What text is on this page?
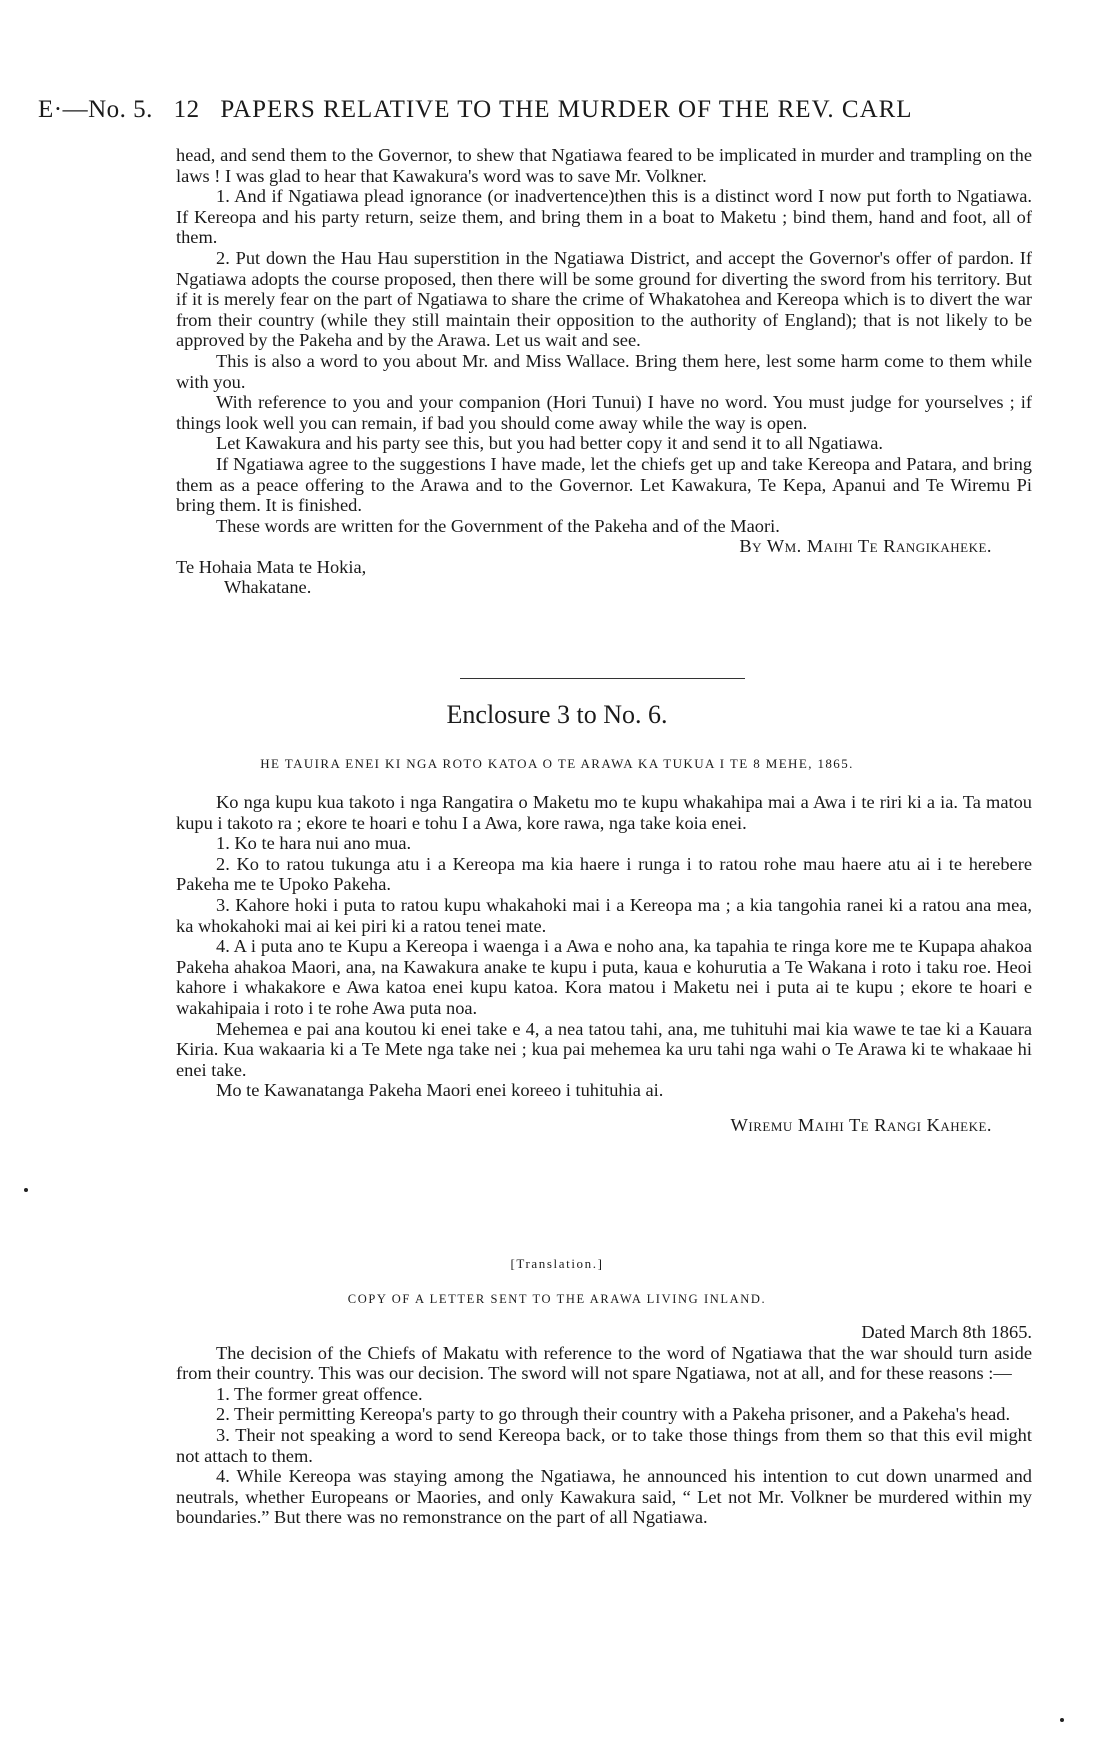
E·—No. 5. 12 PAPERS RELATIVE TO THE MURDER OF THE REV. CARL

head, and send them to the Governor, to shew that Ngatiawa feared to be implicated in murder and trampling on the laws ! I was glad to hear that Kawakura's word was to save Mr. Volkner.

1. And if Ngatiawa plead ignorance (or inadvertence)then this is a distinct word I now put forth to Ngatiawa. If Kereopa and his party return, seize them, and bring them in a boat to Maketu ; bind them, hand and foot, all of them.

2. Put down the Hau Hau superstition in the Ngatiawa District, and accept the Governor's offer of pardon. If Ngatiawa adopts the course proposed, then there will be some ground for diverting the sword from his territory. But if it is merely fear on the part of Ngatiawa to share the crime of Whakatohea and Kereopa which is to divert the war from their country (while they still maintain their opposition to the authority of England); that is not likely to be approved by the Pakeha and by the Arawa. Let us wait and see.

This is also a word to you about Mr. and Miss Wallace. Bring them here, lest some harm come to them while with you.

With reference to you and your companion (Hori Tunui) I have no word. You must judge for yourselves ; if things look well you can remain, if bad you should come away while the way is open.

Let Kawakura and his party see this, but you had better copy it and send it to all Ngatiawa.

If Ngatiawa agree to the suggestions I have made, let the chiefs get up and take Kereopa and Patara, and bring them as a peace offering to the Arawa and to the Governor. Let Kawakura, Te Kepa, Apanui and Te Wiremu Pi bring them. It is finished.

These words are written for the Government of the Pakeha and of the Maori.

By Wm. Maihi Te Rangikaheke.

Te Hohaia Mata te Hokia,

Whakatane.

Enclosure 3 to No. 6.
HE TAUIRA ENEI KI NGA ROTO KATOA O TE ARAWA KA TUKUA I TE 8 MEHE, 1865.

Ko nga kupu kua takoto i nga Rangatira o Maketu mo te kupu whakahipa mai a Awa i te riri ki a ia. Ta matou kupu i takoto ra ; ekore te hoari e tohu I a Awa, kore rawa, nga take koia enei.

1. Ko te hara nui ano mua.

2. Ko to ratou tukunga atu i a Kereopa ma kia haere i runga i to ratou rohe mau haere atu ai i te herebere Pakeha me te Upoko Pakeha.

3. Kahore hoki i puta to ratou kupu whakahoki mai i a Kereopa ma ; a kia tangohia ranei ki a ratou ana mea, ka whokahoki mai ai kei piri ki a ratou tenei mate.

4. A i puta ano te Kupu a Kereopa i waenga i a Awa e noho ana, ka tapahia te ringa kore me te Kupapa ahakoa Pakeha ahakoa Maori, ana, na Kawakura anake te kupu i puta, kaua e kohurutia a Te Wakana i roto i taku roe. Heoi kahore i whakakore e Awa katoa enei kupu katoa. Kora matou i Maketu nei i puta ai te kupu ; ekore te hoari e wakahipaia i roto i te rohe Awa puta noa.

Mehemea e pai ana koutou ki enei take e 4, a nea tatou tahi, ana, me tuhituhi mai kia wawe te tae ki a Kauara Kiria. Kua wakaaria ki a Te Mete nga take nei ; kua pai mehemea ka uru tahi nga wahi o Te Arawa ki te whakaae hi enei take.

Mo te Kawanatanga Pakeha Maori enei koreeo i tuhituhia ai.

Wiremu Maihi Te Rangi Kaheke.

[Translation.]
COPY OF A LETTER SENT TO THE ARAWA LIVING INLAND.

Dated March 8th 1865.

The decision of the Chiefs of Makatu with reference to the word of Ngatiawa that the war should turn aside from their country. This was our decision. The sword will not spare Ngatiawa, not at all, and for these reasons :—

1. The former great offence.

2. Their permitting Kereopa's party to go through their country with a Pakeha prisoner, and a Pakeha's head.

3. Their not speaking a word to send Kereopa back, or to take those things from them so that this evil might not attach to them.

4. While Kereopa was staying among the Ngatiawa, he announced his intention to cut down unarmed and neutrals, whether Europeans or Maories, and only Kawakura said, “ Let not Mr. Volkner be murdered within my boundaries.” But there was no remonstrance on the part of all Ngatiawa.
